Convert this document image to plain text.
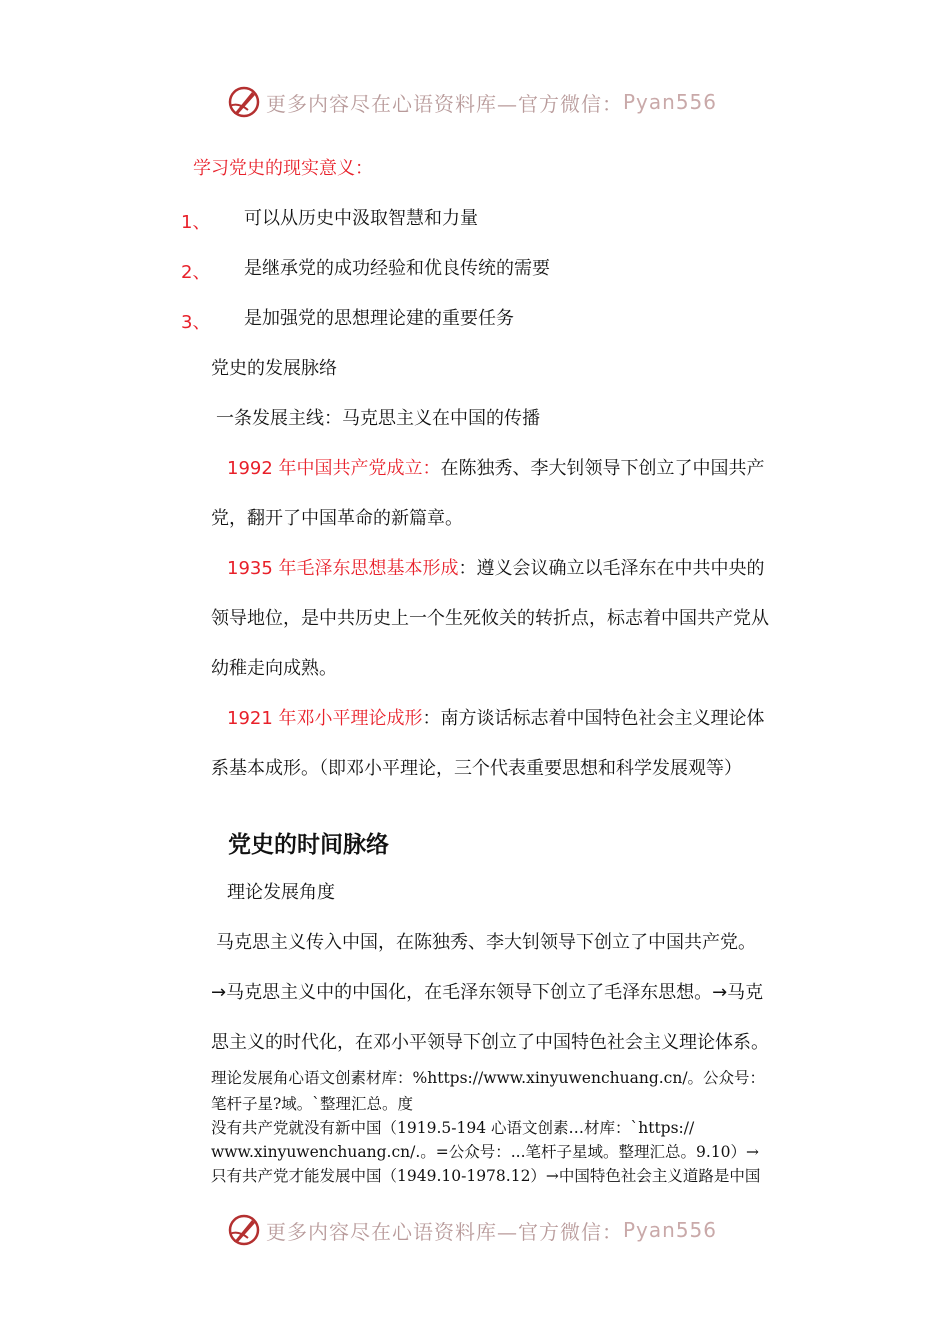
更多内容尽在心语资料库—官方微信： Pyan556
学习党史的现实意义：
1、 可以从历史中汲取智慧和力量
2、 是继承党的成功经验和优良传统的需要
3、 是加强党的思想理论建的重要任务
党史的发展脉络
一条发展主线：马克思主义在中国的传播
1992 年中国共产党成立：在陈独秀、李大钊领导下创立了中国共产
党，翻开了中国革命的新篇章。
1935 年毛泽东思想基本形成：遵义会议确立以毛泽东在中共中央的
领导地位，是中共历史上一个生死攸关的转折点，标志着中国共产党从
幼稚走向成熟。
1921 年邓小平理论成形：南方谈话标志着中国特色社会主义理论体
系基本成形。（即邓小平理论，三个代表重要思想和科学发展观等）
党史的时间脉络
理论发展角度
马克思主义传入中国，在陈独秀、李大钊领导下创立了中国共产党。
→马克思主义中的中国化，在毛泽东领导下创立了毛泽东思想。→马克
思主义的时代化，在邓小平领导下创立了中国特色社会主义理论体系。
理论发展角心语文创素材库：%https://www.xinyuwenchuang.cn/。公众号：
笔杆子星?域。`整理汇总。度
没有共产党就没有新中国（1919.5-194 心语文创素…材库：`https://
www.xinyuwenchuang.cn/.。=公众号：...笔杆子星域。整理汇总。9.10）→
只有共产党才能发展中国（1949.10-1978.12）→中国特色社会主义道路是中国
更多内容尽在心语资料库—官方微信： Pyan556
